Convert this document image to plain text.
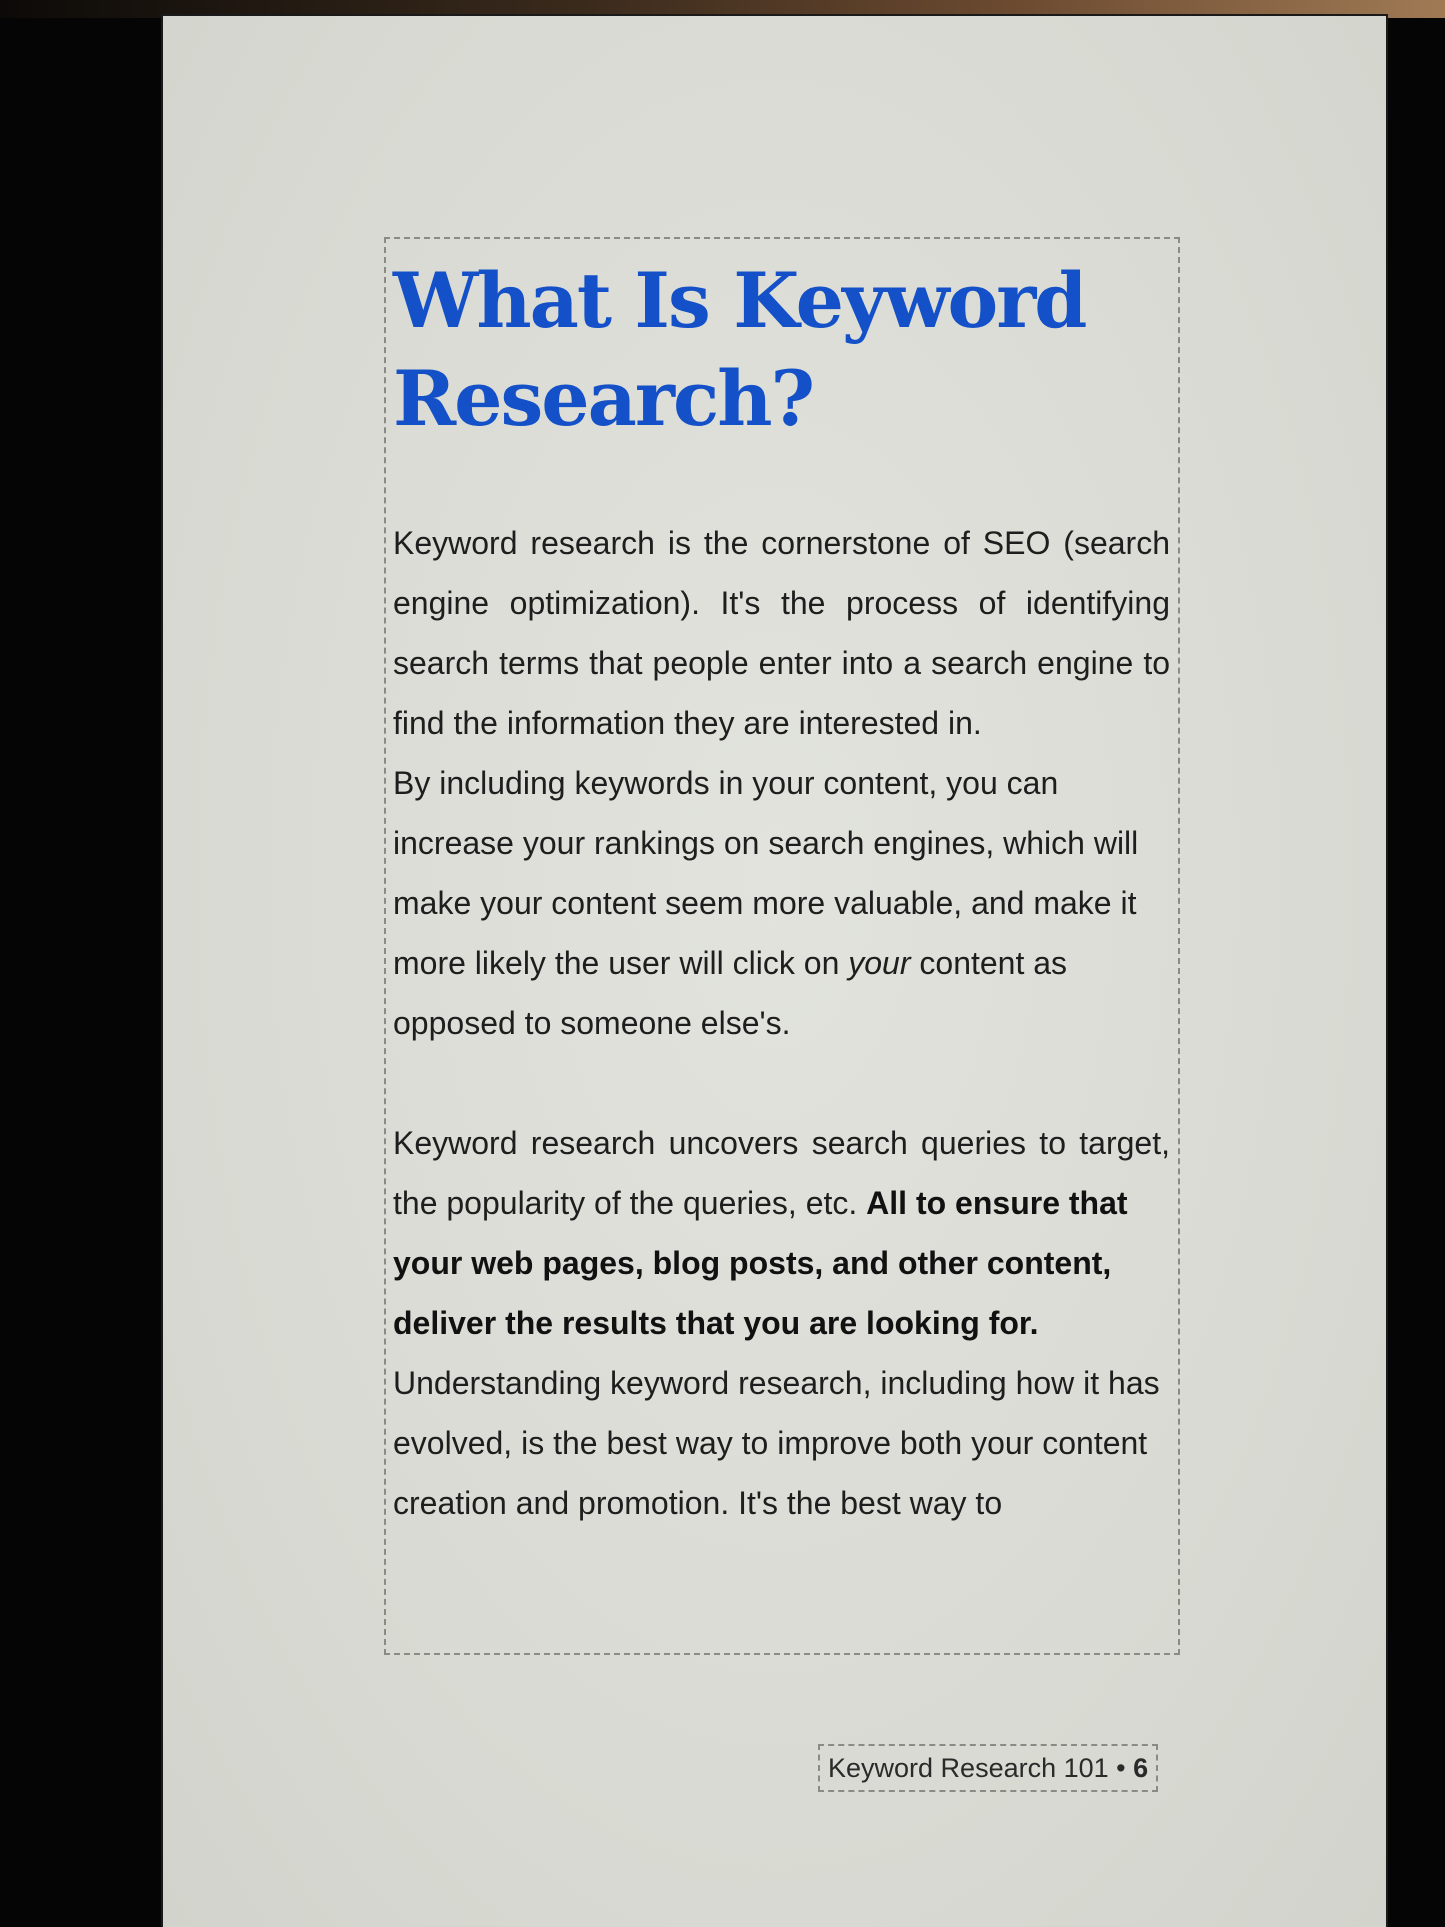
What Is Keyword Research?

Keyword research is the cornerstone of SEO (search engine optimization). It's the process of identifying search terms that people enter into a search engine to find the information they are interested in.

By including keywords in your content, you can increase your rankings on search engines, which will make your content seem more valuable, and make it more likely the user will click on your content as opposed to someone else's.

Keyword research uncovers search queries to target, the popularity of the queries, etc. All to ensure that

your web pages, blog posts, and other content, deliver the results that you are looking for.

Understanding keyword research, including how it has evolved, is the best way to improve both your content creation and promotion. It's the best way to

Keyword Research 101 • 6
